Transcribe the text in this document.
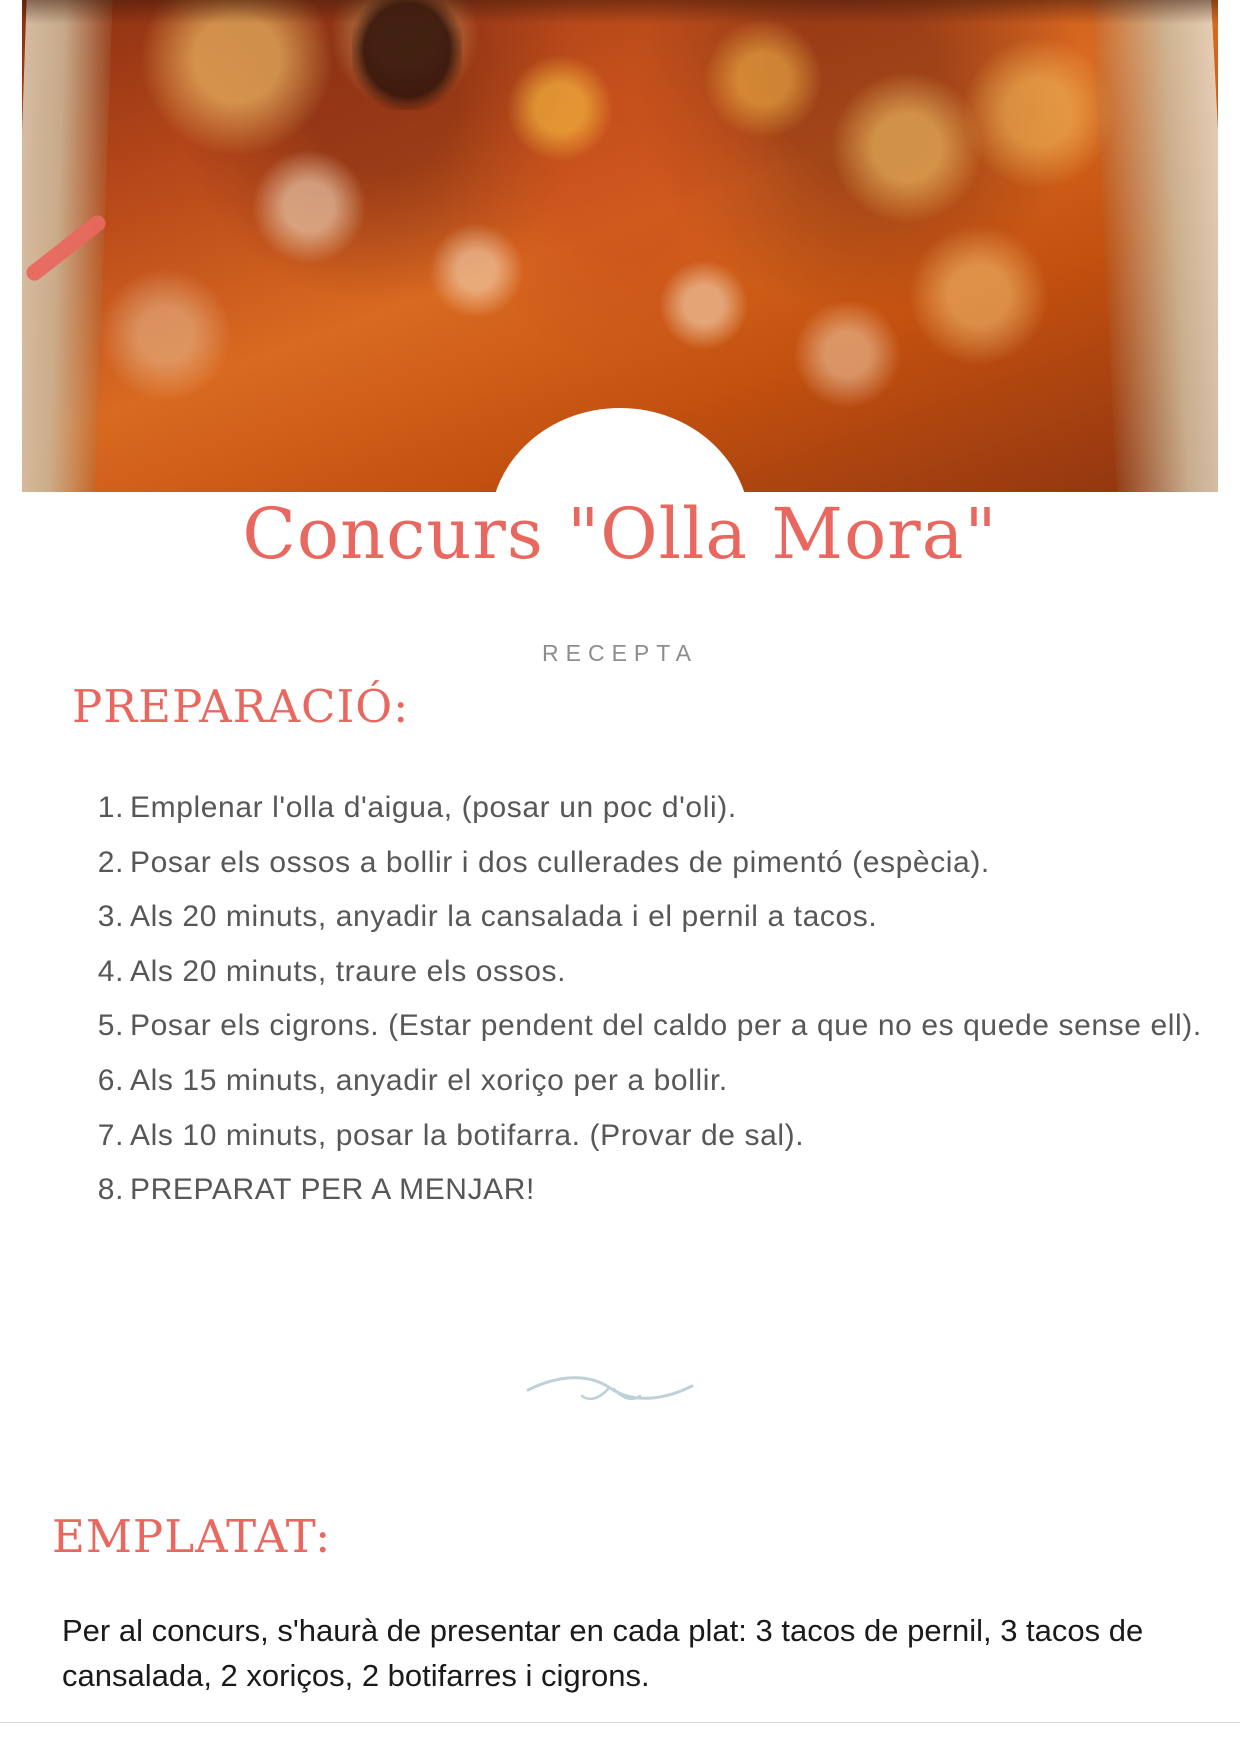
Concurs "Olla Mora"
RECEPTA
PREPARACIÓ:
Emplenar l'olla d'aigua, (posar un poc d'oli).
Posar els ossos a bollir i dos cullerades de pimentó (espècia).
Als 20 minuts, anyadir la cansalada i el pernil a tacos.
Als 20 minuts, traure els ossos.
Posar els cigrons. (Estar pendent del caldo per a que no es quede sense ell).
Als 15 minuts, anyadir el xoriço per a bollir.
Als 10 minuts, posar la botifarra. (Provar de sal).
PREPARAT PER A MENJAR!
EMPLATAT:

Per al concurs, s'haurà de presentar en cada plat: 3 tacos de pernil, 3 tacos de cansalada, 2 xoriços, 2 botifarres i cigrons.
